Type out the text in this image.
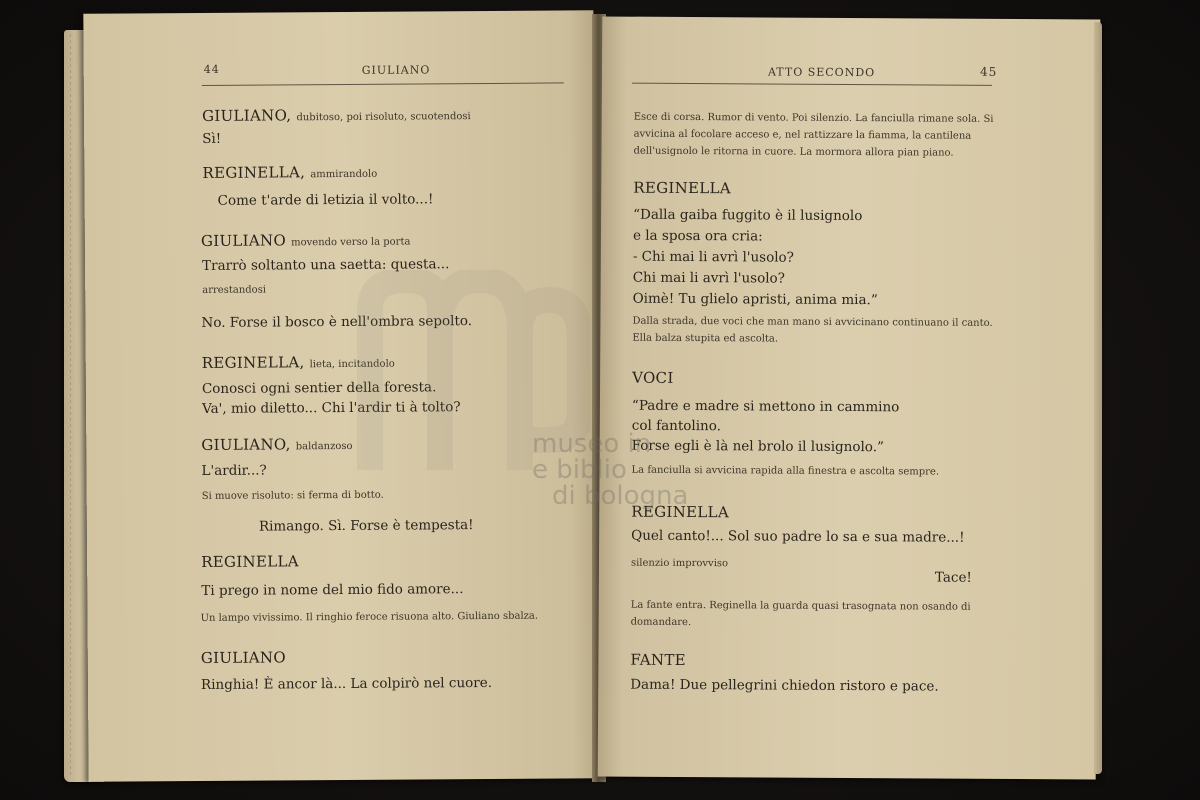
44	GIULIANO
GIULIANO, dubitoso, poi risoluto, scuotendosi
Sì!
REGINELLA, ammirandolo
Come t'arde di letizia il volto...!
GIULIANO movendo verso la porta
Trarrò soltanto una saetta: questa...
arrestandosi
No. Forse il bosco è nell'ombra sepolto.
REGINELLA, lieta, incitandolo
Conosci ogni sentier della foresta.
Va', mio diletto... Chi l'ardir ti à tolto?
GIULIANO, baldanzoso
L'ardir...?
Si muove risoluto: si ferma di botto.
Rimango. Sì. Forse è tempesta!
REGINELLA
Ti prego in nome del mio fido amore...
Un lampo vivissimo. Il ringhio feroce risuona alto. Giuliano sbalza.
GIULIANO
Ringhia! È ancor là... La colpirò nel cuore.
ATTO SECONDO	45
Esce di corsa. Rumor di vento. Poi silenzio. La fanciulla rimane sola. Si avvicina al focolare acceso e, nel rattizzare la fiamma, la cantilena dell'usignolo le ritorna in cuore. La mormora allora pian piano.
REGINELLA
“Dalla gaiba fuggito è il lusignolo
e la sposa ora cria:
- Chi mai li avrì l'usolo?
Chi mai li avrì l'usolo?
Oimè! Tu glielo apristi, anima mia.”
Dalla strada, due voci che man mano si avvicinano continuano il canto. Ella balza stupita ed ascolta.
VOCI
“Padre e madre si mettono in cammino
col fantolino.
Forse egli è là nel brolo il lusignolo.”
La fanciulla si avvicina rapida alla finestra e ascolta sempre.
REGINELLA
Quel canto!... Sol suo padre lo sa e sua madre...!
silenzio improvviso
Tace!
La fante entra. Reginella la guarda quasi trasognata non osando di domandare.
FANTE
Dama! Due pellegrini chiedon ristoro e pace.
museo in
e biblio
di bologna
